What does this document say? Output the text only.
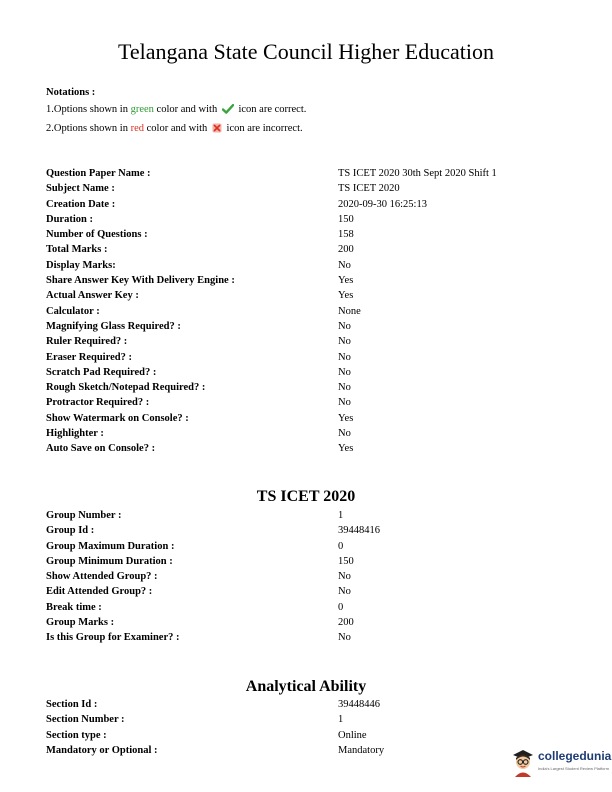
Telangana State Council Higher Education
Notations :
1.Options shown in green color and with icon are correct.
2.Options shown in red color and with icon are incorrect.
Question Paper Name :	TS ICET 2020 30th Sept 2020 Shift 1
Subject Name :	TS ICET 2020
Creation Date :	2020-09-30 16:25:13
Duration :	150
Number of Questions :	158
Total Marks :	200
Display Marks:	No
Share Answer Key With Delivery Engine :	Yes
Actual Answer Key :	Yes
Calculator :	None
Magnifying Glass Required? :	No
Ruler Required? :	No
Eraser Required? :	No
Scratch Pad Required? :	No
Rough Sketch/Notepad Required? :	No
Protractor Required? :	No
Show Watermark on Console? :	Yes
Highlighter :	No
Auto Save on Console? :	Yes
TS ICET 2020
Group Number :	1
Group Id :	39448416
Group Maximum Duration :	0
Group Minimum Duration :	150
Show Attended Group? :	No
Edit Attended Group? :	No
Break time :	0
Group Marks :	200
Is this Group for Examiner? :	No
Analytical Ability
Section Id :	39448446
Section Number :	1
Section type :	Online
Mandatory or Optional :	Mandatory	collegedunia
India's Largest Student Review Platform
